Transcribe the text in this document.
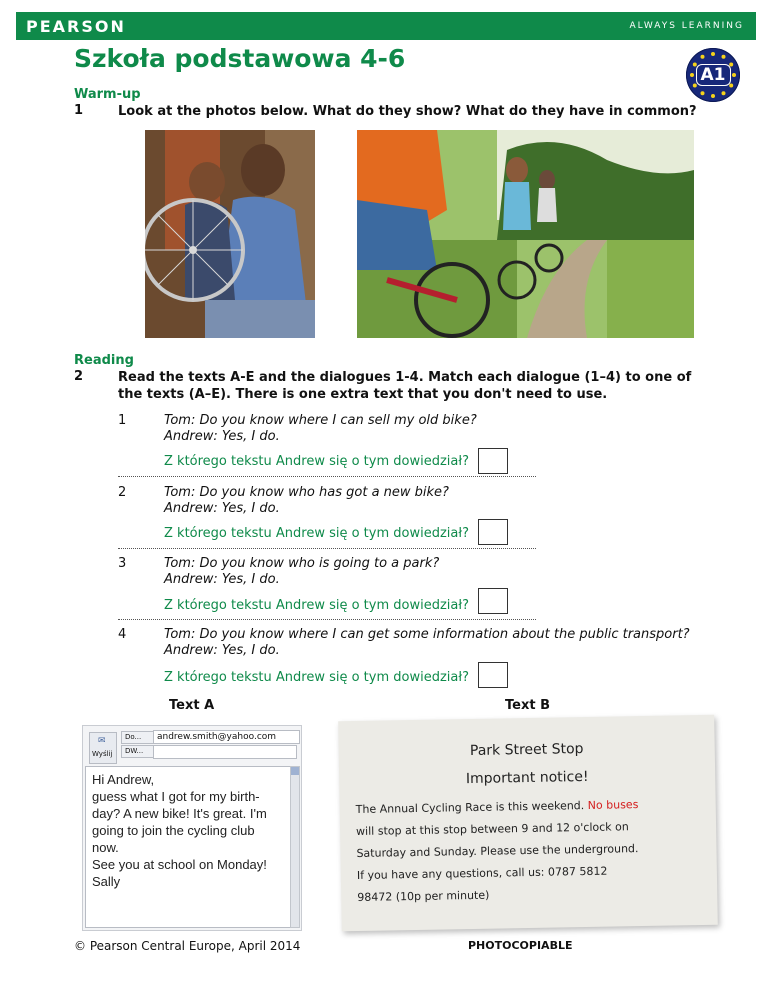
PEARSON	ALWAYS LEARNING
Szkoła podstawowa 4-6
A1
Warm-up
1	Look at the photos below. What do they show? What do they have in common?
Reading
2	Read the texts A-E and the dialogues 1-4. Match each dialogue (1–4) to one of
the texts (A–E). There is one extra text that you don't need to use.
1	Tom: Do you know where I can sell my old bike?
Andrew: Yes, I do.
Z którego tekstu Andrew się o tym dowiedział?
2	Tom: Do you know who has got a new bike?
Andrew: Yes, I do.
Z którego tekstu Andrew się o tym dowiedział?
3	Tom: Do you know who is going to a park?
Andrew: Yes, I do.
Z którego tekstu Andrew się o tym dowiedział?
4	Tom: Do you know where I can get some information about the public transport?
Andrew: Yes, I do.
Z którego tekstu Andrew się o tym dowiedział?
Text A	Text B
✉
Wyślij
Do...
DW...
andrew.smith@yahoo.com
Hi Andrew,
guess what I got for my birth-
day? A new bike! It's great. I'm
going to join the cycling club
now.
See you at school on Monday!
Sally
Park Street Stop
Important notice!
The Annual Cycling Race is this weekend. No buses
will stop at this stop between 9 and 12 o'clock on
Saturday and Sunday. Please use the underground.
If you have any questions, call us: 0787 5812
98472 (10p per minute)
© Pearson Central Europe, April 2014	PHOTOCOPIABLE
